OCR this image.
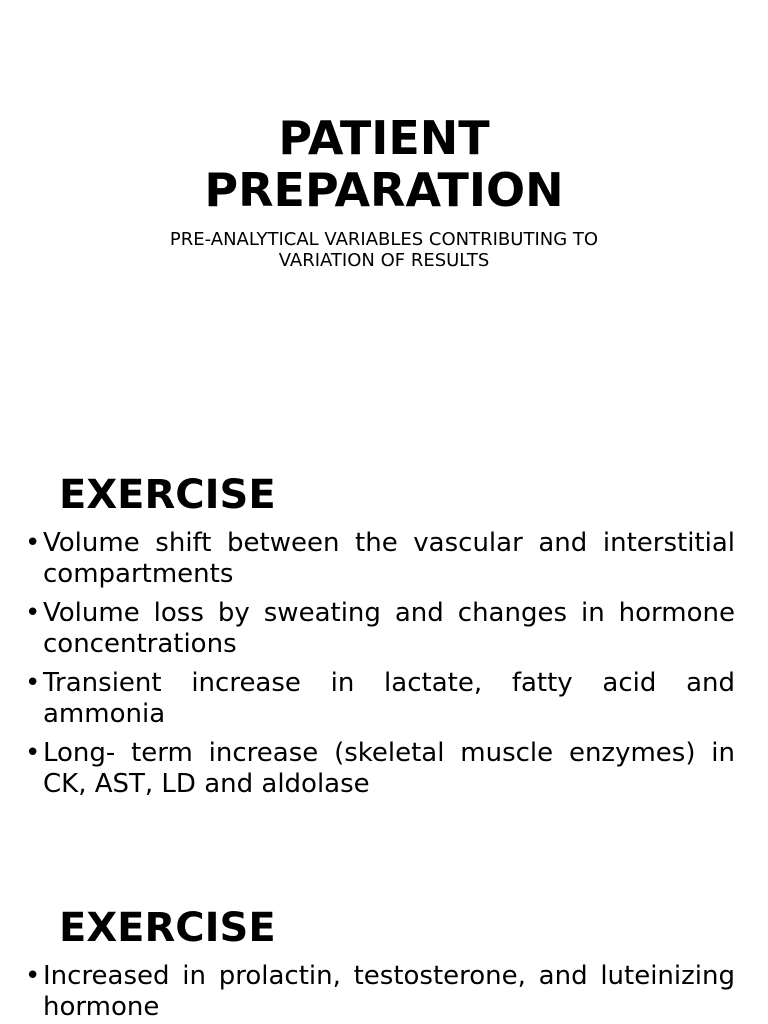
PATIENT
PREPARATION
PRE-ANALYTICAL VARIABLES CONTRIBUTING TO
VARIATION OF RESULTS
EXERCISE
• Volume shift between the vascular and interstitial compartments
• Volume loss by sweating and changes in hormone concentrations
• Transient increase in lactate, fatty acid and ammonia
• Long- term increase (skeletal muscle enzymes) in CK, AST, LD and aldolase
EXERCISE
• Increased in prolactin, testosterone, and luteinizing hormone
